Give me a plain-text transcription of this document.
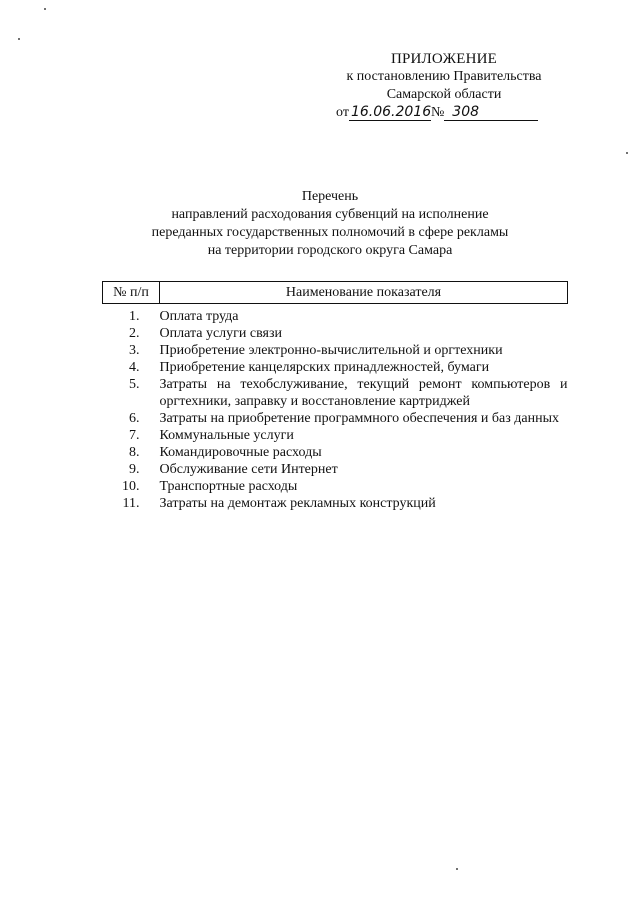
ПРИЛОЖЕНИЕ
к постановлению Правительства
Самарской области
от 16.06.2016№ 308
Перечень
направлений расходования субвенций на исполнение
переданных государственных полномочий в сфере рекламы
на территории городского округа Самара
№ п/п	Наименование показателя
1.	Оплата труда
2.	Оплата услуги связи
3.	Приобретение электронно-вычислительной и оргтехники
4.	Приобретение канцелярских принадлежностей, бумаги
5.	Затраты на техобслуживание, текущий ремонт компьютеров и оргтехники, заправку и восстановление картриджей
6.	Затраты на приобретение программного обеспечения и баз данных
7.	Коммунальные услуги
8.	Командировочные расходы
9.	Обслуживание сети Интернет
10.	Транспортные расходы
11.	Затраты на демонтаж рекламных конструкций
